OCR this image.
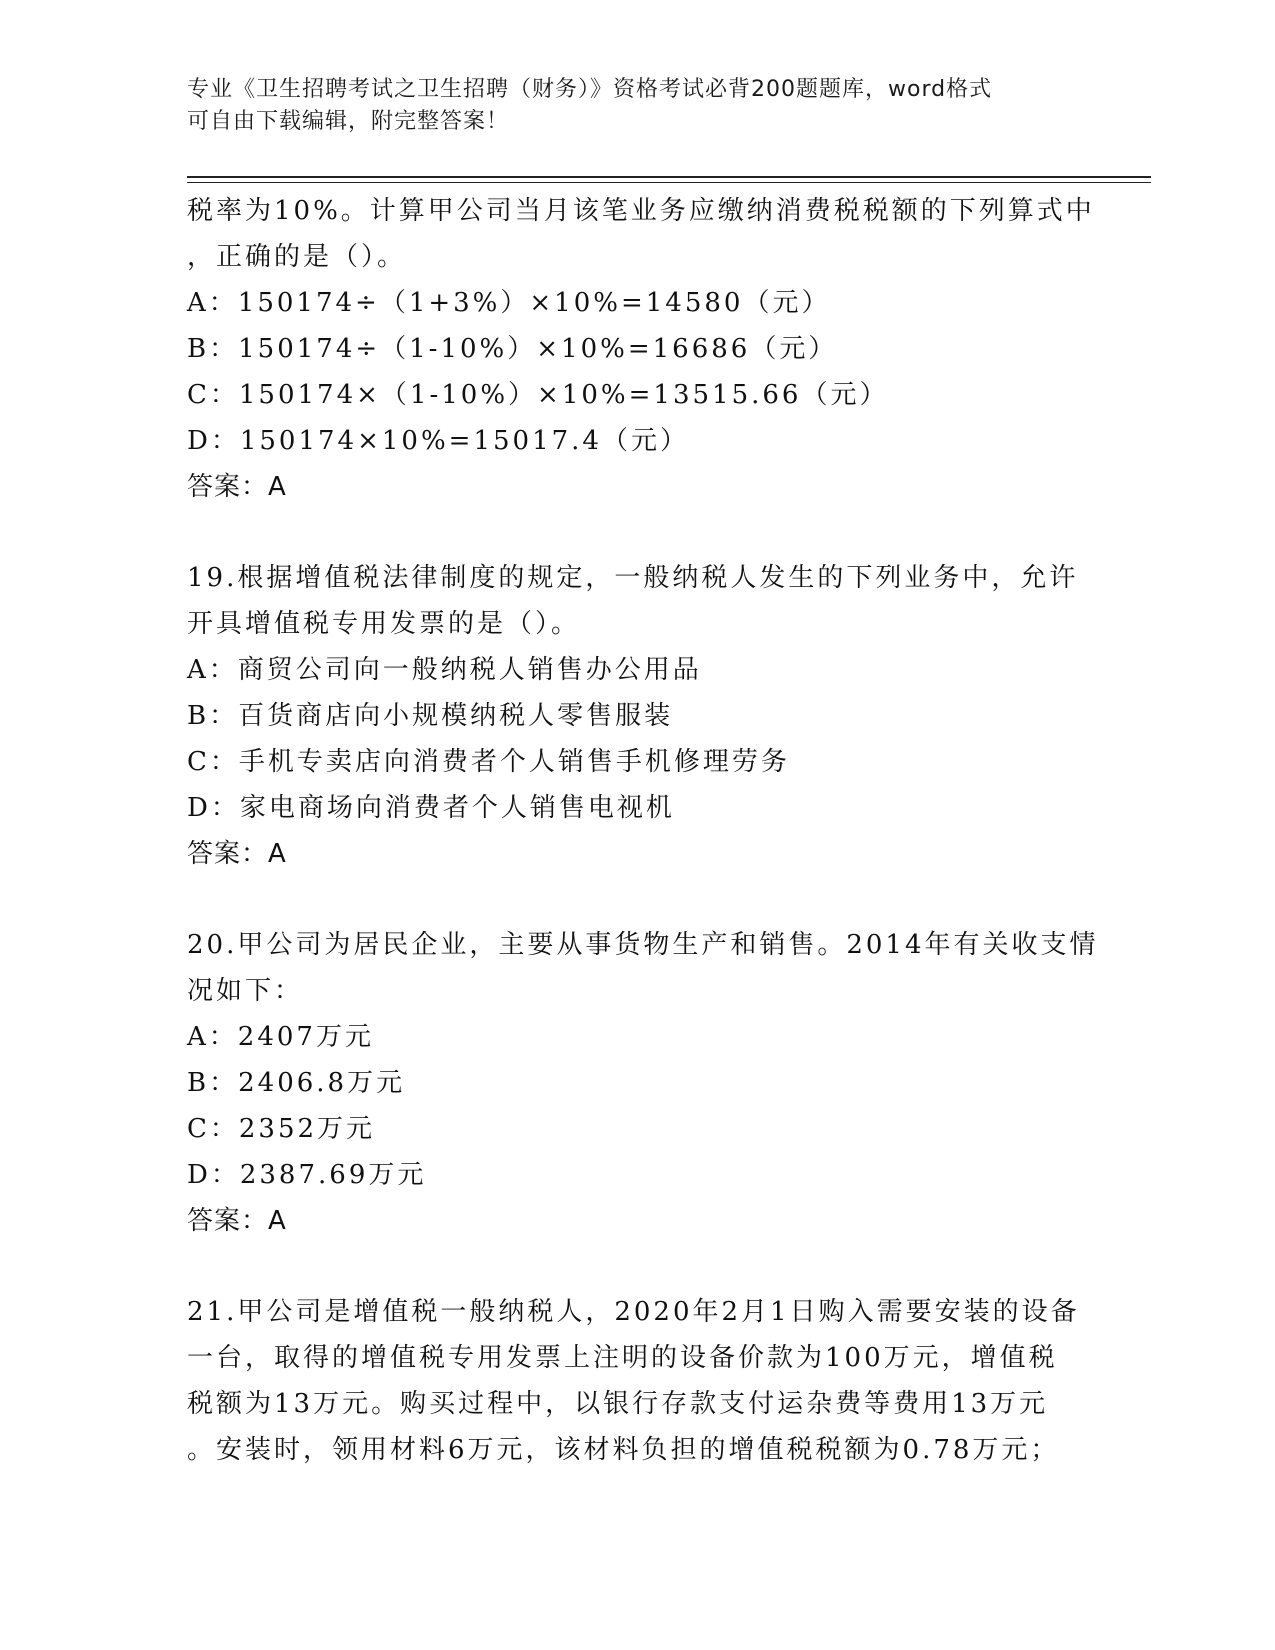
专业《卫生招聘考试之卫生招聘（财务）》资格考试必背200题题库，word格式
可自由下载编辑，附完整答案！
税率为10%。计算甲公司当月该笔业务应缴纳消费税税额的下列算式中
，正确的是（）。
A：150174÷（1+3%）×10%=14580（元）
B：150174÷（1-10%）×10%=16686（元）
C：150174×（1-10%）×10%=13515.66（元）
D：150174×10%=15017.4（元）
答案：A
19.根据增值税法律制度的规定，一般纳税人发生的下列业务中，允许
开具增值税专用发票的是（）。
A：商贸公司向一般纳税人销售办公用品
B：百货商店向小规模纳税人零售服装
C：手机专卖店向消费者个人销售手机修理劳务
D：家电商场向消费者个人销售电视机
答案：A
20.甲公司为居民企业，主要从事货物生产和销售。2014年有关收支情
况如下：
A：2407万元
B：2406.8万元
C：2352万元
D：2387.69万元
答案：A
21.甲公司是增值税一般纳税人，2020年2月1日购入需要安装的设备
一台，取得的增值税专用发票上注明的设备价款为100万元，增值税
税额为13万元。购买过程中，以银行存款支付运杂费等费用13万元
。安装时，领用材料6万元，该材料负担的增值税税额为0.78万元；
